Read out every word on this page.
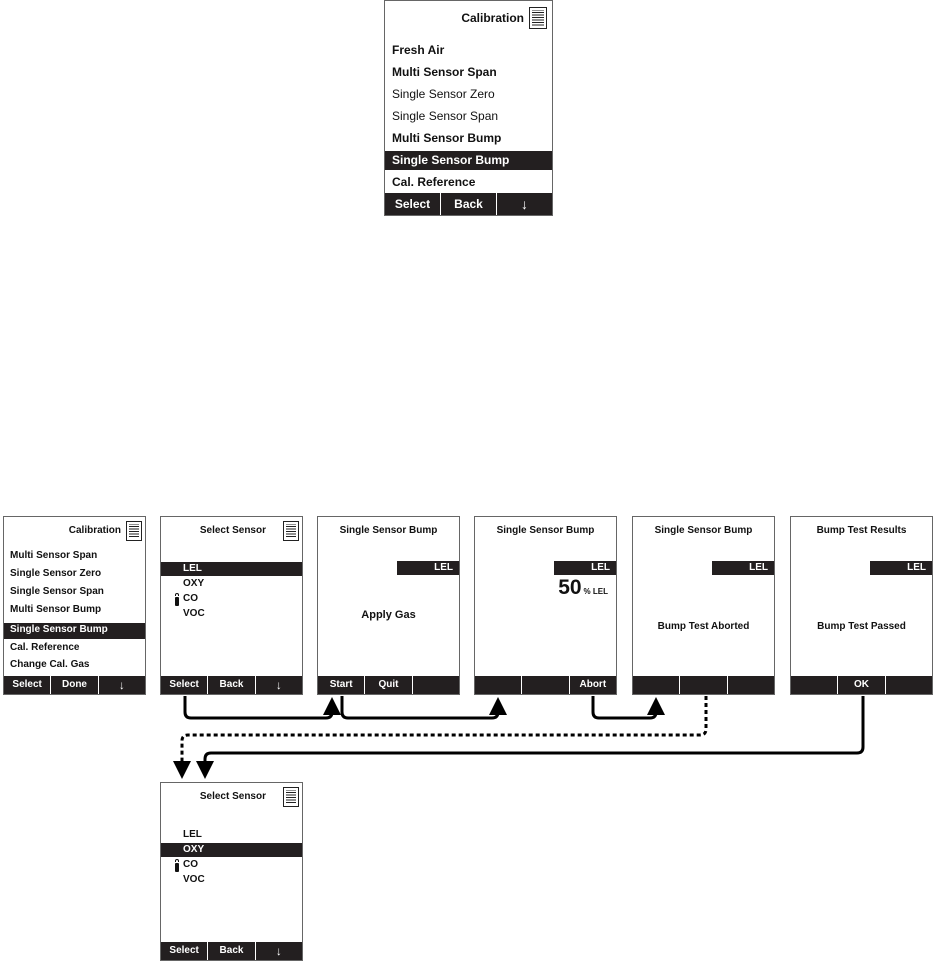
Calibration
Fresh Air
Multi Sensor Span
Single Sensor Zero
Single Sensor Span
Multi Sensor Bump
Single Sensor Bump
Cal. Reference
Select	Back	↓
Calibration
Multi Sensor Span
Single Sensor Zero
Single Sensor Span
Multi Sensor Bump
Single Sensor Bump
Cal. Reference
Change Cal. Gas
Select	Done	↓
Select Sensor
LEL
OXY
CO
VOC
Select	Back	↓
Single Sensor Bump
LEL
Apply Gas
Start	Quit
Single Sensor Bump
LEL
50 % LEL
Abort
Single Sensor Bump
LEL
Bump Test Aborted
Bump Test Results
LEL
Bump Test Passed
OK
Select Sensor
LEL
OXY
CO
VOC
Select	Back	↓
